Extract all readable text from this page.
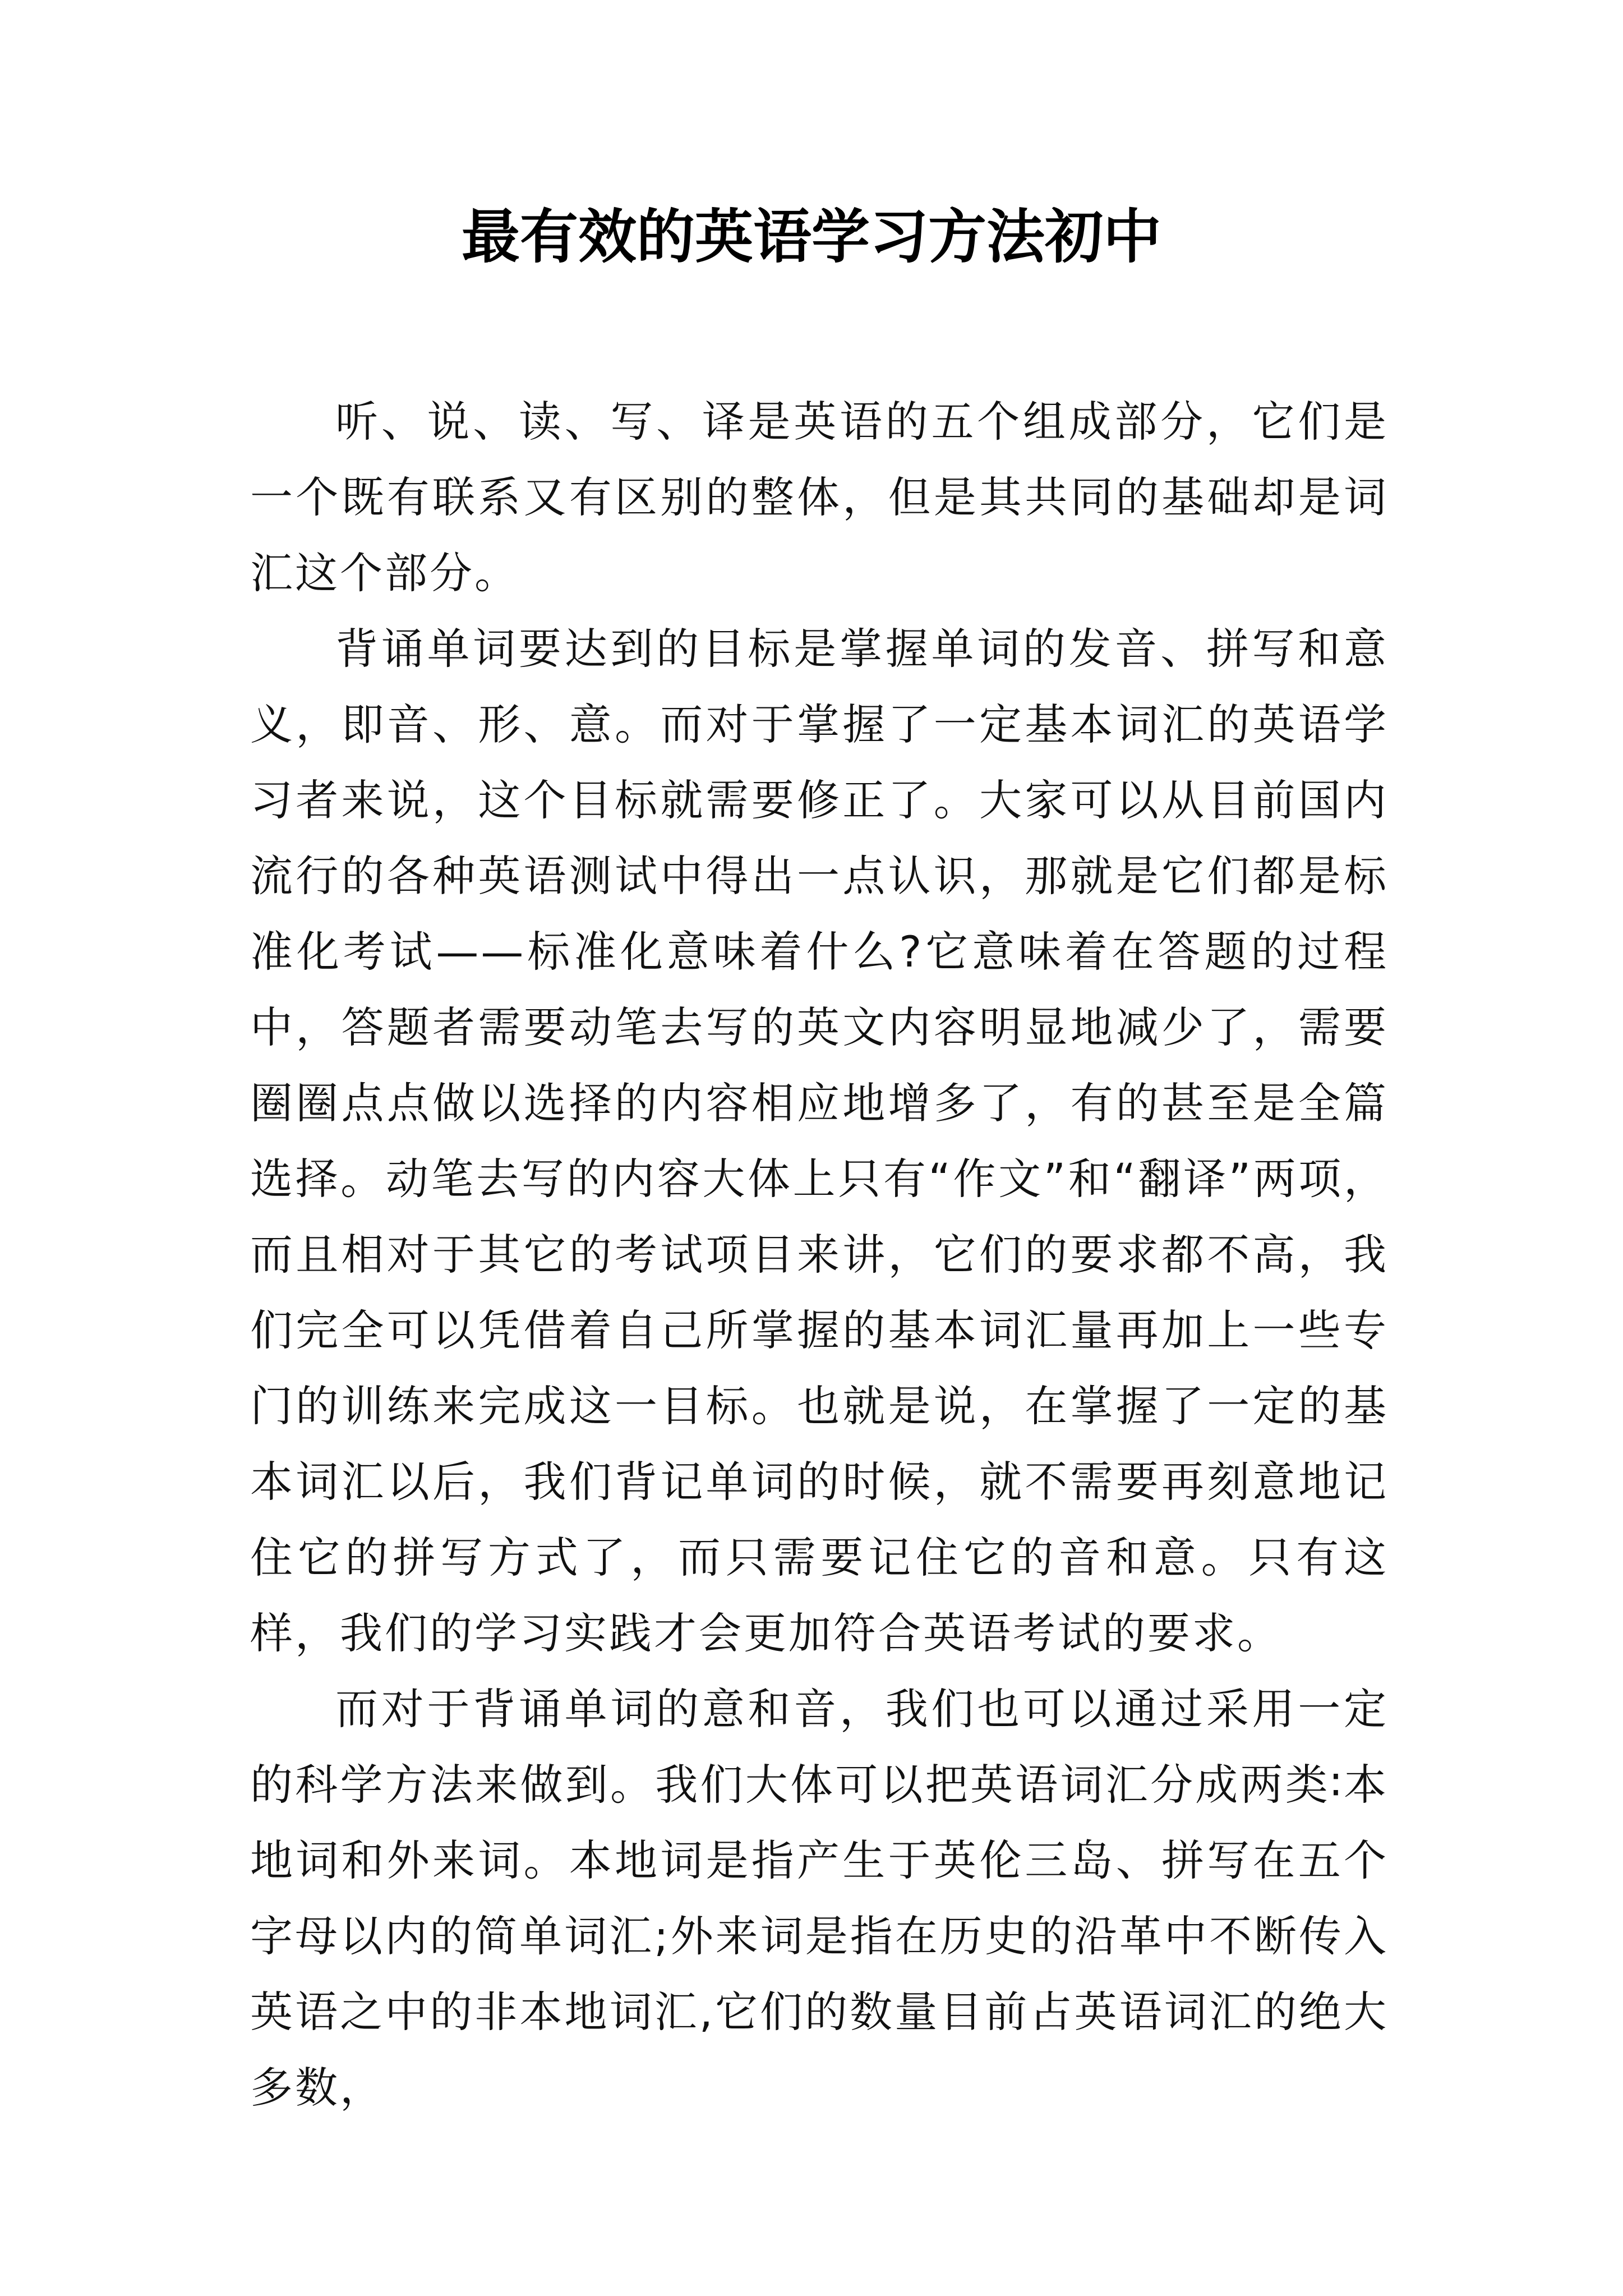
最有效的英语学习方法初中

听、说、读、写、译是英语的五个组成部分，它们是一个既有联系又有区别的整体，但是其共同的基础却是词汇这个部分。

背诵单词要达到的目标是掌握单词的发音、拼写和意义，即音、形、意。而对于掌握了一定基本词汇的英语学习者来说，这个目标就需要修正了。大家可以从目前国内流行的各种英语测试中得出一点认识，那就是它们都是标准化考试——标准化意味着什么?它意味着在答题的过程中，答题者需要动笔去写的英文内容明显地减少了，需要圈圈点点做以选择的内容相应地增多了，有的甚至是全篇选择。动笔去写的内容大体上只有“作文”和“翻译”两项，而且相对于其它的考试项目来讲，它们的要求都不高，我们完全可以凭借着自己所掌握的基本词汇量再加上一些专门的训练来完成这一目标。也就是说，在掌握了一定的基本词汇以后，我们背记单词的时候，就不需要再刻意地记住它的拼写方式了，而只需要记住它的音和意。只有这样，我们的学习实践才会更加符合英语考试的要求。

而对于背诵单词的意和音，我们也可以通过采用一定的科学方法来做到。我们大体可以把英语词汇分成两类∶本地词和外来词。本地词是指产生于英伦三岛、拼写在五个字母以内的简单词汇;外来词是指在历史的沿革中不断传入英语之中的非本地词汇,它们的数量目前占英语词汇的绝大多数，
